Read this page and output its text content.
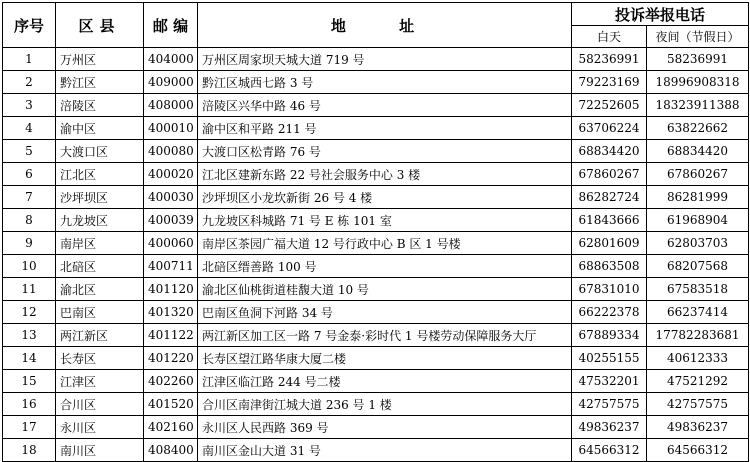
序号	区县	邮 编	地 址	投诉举报电话	
				白天	夜间（节假日）
1	万州区	404000	万州区周家坝天城大道 719 号	58236991	58236991
2	黔江区	409000	黔江区城西七路 3 号	79223169	18996908318
3	涪陵区	408000	涪陵区兴华中路 46 号	72252605	18323911388
4	渝中区	400010	渝中区和平路 211 号	63706224	63822662
5	大渡口区	400080	大渡口区松青路 76 号	68834420	68834420
6	江北区	400020	江北区建新东路 22 号社会服务中心 3 楼	67860267	67860267
7	沙坪坝区	400030	沙坪坝区小龙坎新街 26 号 4 楼	86282724	86281999
8	九龙坡区	400039	九龙坡区科城路 71 号 E 栋 101 室	61843666	61968904
9	南岸区	400060	南岸区茶园广福大道 12 号行政中心 B 区 1 号楼	62801609	62803703
10	北碚区	400711	北碚区缙善路 100 号	68863508	68207568
11	渝北区	401120	渝北区仙桃街道桂馥大道 10 号	67831010	67583518
12	巴南区	401320	巴南区鱼洞下河路 34 号	66222378	66237414
13	两江新区	401122	两江新区加工区一路 7 号金泰·彩时代 1 号楼劳动保障服务大厅	67889334	17782283681
14	长寿区	401220	长寿区望江路华康大厦二楼	40255155	40612333
15	江津区	402260	江津区临江路 244 号二楼	47532201	47521292
16	合川区	401520	合川区南津街江城大道 236 号 1 楼	42757575	42757575
17	永川区	402160	永川区人民西路 369 号	49836237	49836237
18	南川区	408400	南川区金山大道 31 号	64566312	64566312
